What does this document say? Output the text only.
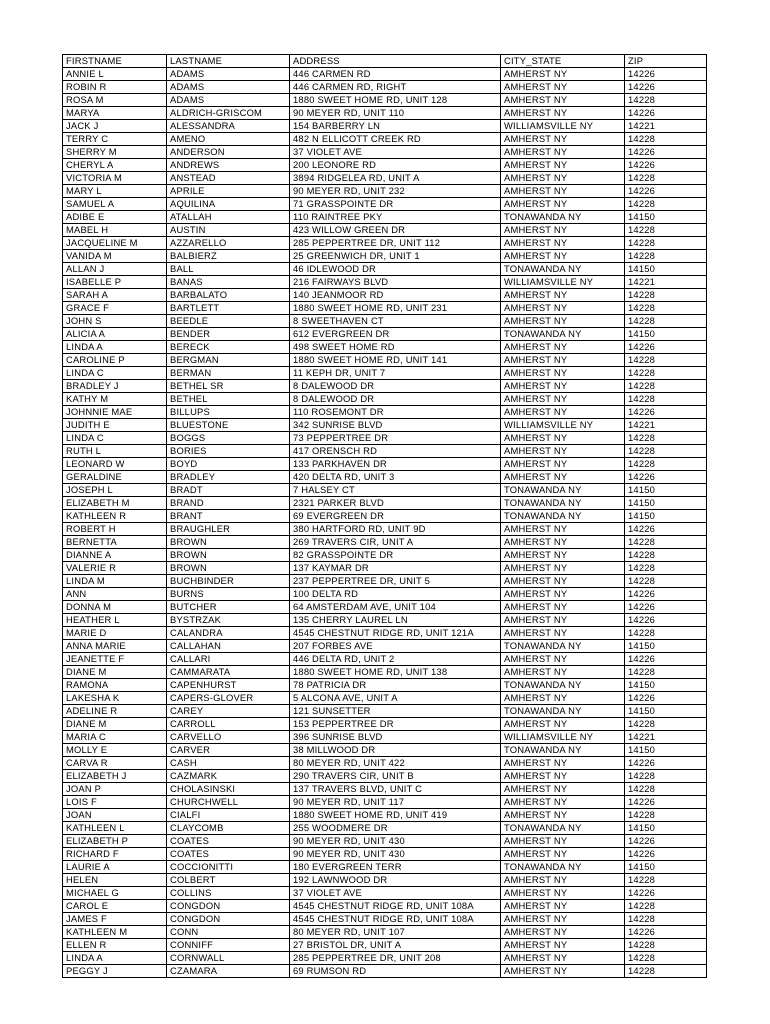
FIRSTNAME	LASTNAME	ADDRESS	CITY_STATE	ZIP
ANNIE L	ADAMS	446 CARMEN RD	AMHERST NY	14226
ROBIN R	ADAMS	446 CARMEN RD, RIGHT	AMHERST NY	14226
ROSA M	ADAMS	1880 SWEET HOME RD, UNIT 128	AMHERST NY	14228
MARYA	ALDRICH-GRISCOM	90 MEYER RD, UNIT 110	AMHERST NY	14226
JACK J	ALESSANDRA	154 BARBERRY LN	WILLIAMSVILLE NY	14221
TERRY C	AMENO	482 N ELLICOTT CREEK RD	AMHERST NY	14228
SHERRY M	ANDERSON	37 VIOLET AVE	AMHERST NY	14226
CHERYL A	ANDREWS	200 LEONORE RD	AMHERST NY	14226
VICTORIA M	ANSTEAD	3894 RIDGELEA RD, UNIT A	AMHERST NY	14228
MARY L	APRILE	90 MEYER RD, UNIT 232	AMHERST NY	14226
SAMUEL A	AQUILINA	71 GRASSPOINTE DR	AMHERST NY	14228
ADIBE E	ATALLAH	110 RAINTREE PKY	TONAWANDA NY	14150
MABEL H	AUSTIN	423 WILLOW GREEN DR	AMHERST NY	14228
JACQUELINE M	AZZARELLO	285 PEPPERTREE DR, UNIT 112	AMHERST NY	14228
VANIDA M	BALBIERZ	25 GREENWICH DR, UNIT 1	AMHERST NY	14228
ALLAN J	BALL	46 IDLEWOOD DR	TONAWANDA NY	14150
ISABELLE P	BANAS	216 FAIRWAYS BLVD	WILLIAMSVILLE NY	14221
SARAH A	BARBALATO	140 JEANMOOR RD	AMHERST NY	14228
GRACE F	BARTLETT	1880 SWEET HOME RD, UNIT 231	AMHERST NY	14228
JOHN S	BEEDLE	8 SWEETHAVEN CT	AMHERST NY	14228
ALICIA A	BENDER	612 EVERGREEN DR	TONAWANDA NY	14150
LINDA A	BERECK	498 SWEET HOME RD	AMHERST NY	14226
CAROLINE P	BERGMAN	1880 SWEET HOME RD, UNIT 141	AMHERST NY	14228
LINDA C	BERMAN	11 KEPH DR, UNIT 7	AMHERST NY	14228
BRADLEY J	BETHEL SR	8 DALEWOOD DR	AMHERST NY	14228
KATHY M	BETHEL	8 DALEWOOD DR	AMHERST NY	14228
JOHNNIE MAE	BILLUPS	110 ROSEMONT DR	AMHERST NY	14226
JUDITH E	BLUESTONE	342 SUNRISE BLVD	WILLIAMSVILLE NY	14221
LINDA C	BOGGS	73 PEPPERTREE DR	AMHERST NY	14228
RUTH L	BORIES	417 ORENSCH RD	AMHERST NY	14228
LEONARD W	BOYD	133 PARKHAVEN DR	AMHERST NY	14228
GERALDINE	BRADLEY	420 DELTA RD, UNIT 3	AMHERST NY	14226
JOSEPH L	BRADT	7 HALSEY CT	TONAWANDA NY	14150
ELIZABETH M	BRAND	2321 PARKER BLVD	TONAWANDA NY	14150
KATHLEEN R	BRANT	69 EVERGREEN DR	TONAWANDA NY	14150
ROBERT H	BRAUGHLER	380 HARTFORD RD, UNIT 9D	AMHERST NY	14226
BERNETTA	BROWN	269 TRAVERS CIR, UNIT A	AMHERST NY	14228
DIANNE A	BROWN	82 GRASSPOINTE DR	AMHERST NY	14228
VALERIE R	BROWN	137 KAYMAR DR	AMHERST NY	14228
LINDA M	BUCHBINDER	237 PEPPERTREE DR, UNIT 5	AMHERST NY	14228
ANN	BURNS	100 DELTA RD	AMHERST NY	14226
DONNA M	BUTCHER	64 AMSTERDAM AVE, UNIT 104	AMHERST NY	14226
HEATHER L	BYSTRZAK	135 CHERRY LAUREL LN	AMHERST NY	14226
MARIE D	CALANDRA	4545 CHESTNUT RIDGE RD, UNIT 121A	AMHERST NY	14228
ANNA MARIE	CALLAHAN	207 FORBES AVE	TONAWANDA NY	14150
JEANETTE F	CALLARI	446 DELTA RD, UNIT 2	AMHERST NY	14226
DIANE M	CAMMARATA	1880 SWEET HOME RD, UNIT 138	AMHERST NY	14228
RAMONA	CAPENHURST	78 PATRICIA DR	TONAWANDA NY	14150
LAKESHA K	CAPERS-GLOVER	5 ALCONA AVE, UNIT A	AMHERST NY	14226
ADELINE R	CAREY	121 SUNSETTER	TONAWANDA NY	14150
DIANE M	CARROLL	153 PEPPERTREE DR	AMHERST NY	14228
MARIA C	CARVELLO	396 SUNRISE BLVD	WILLIAMSVILLE NY	14221
MOLLY E	CARVER	38 MILLWOOD DR	TONAWANDA NY	14150
CARVA R	CASH	80 MEYER RD, UNIT 422	AMHERST NY	14226
ELIZABETH J	CAZMARK	290 TRAVERS CIR, UNIT B	AMHERST NY	14228
JOAN P	CHOLASINSKI	137 TRAVERS BLVD, UNIT C	AMHERST NY	14228
LOIS F	CHURCHWELL	90 MEYER RD, UNIT 117	AMHERST NY	14226
JOAN	CIALFI	1880 SWEET HOME RD, UNIT 419	AMHERST NY	14228
KATHLEEN L	CLAYCOMB	255 WOODMERE DR	TONAWANDA NY	14150
ELIZABETH P	COATES	90 MEYER RD, UNIT 430	AMHERST NY	14226
RICHARD F	COATES	90 MEYER RD, UNIT 430	AMHERST NY	14226
LAURIE A	COCCIONITTI	180 EVERGREEN TERR	TONAWANDA NY	14150
HELEN	COLBERT	192 LAWNWOOD DR	AMHERST NY	14228
MICHAEL G	COLLINS	37 VIOLET AVE	AMHERST NY	14226
CAROL E	CONGDON	4545 CHESTNUT RIDGE RD, UNIT 108A	AMHERST NY	14228
JAMES F	CONGDON	4545 CHESTNUT RIDGE RD, UNIT 108A	AMHERST NY	14228
KATHLEEN M	CONN	80 MEYER RD, UNIT 107	AMHERST NY	14226
ELLEN R	CONNIFF	27 BRISTOL DR, UNIT A	AMHERST NY	14228
LINDA A	CORNWALL	285 PEPPERTREE DR, UNIT 208	AMHERST NY	14228
PEGGY J	CZAMARA	69 RUMSON RD	AMHERST NY	14228
